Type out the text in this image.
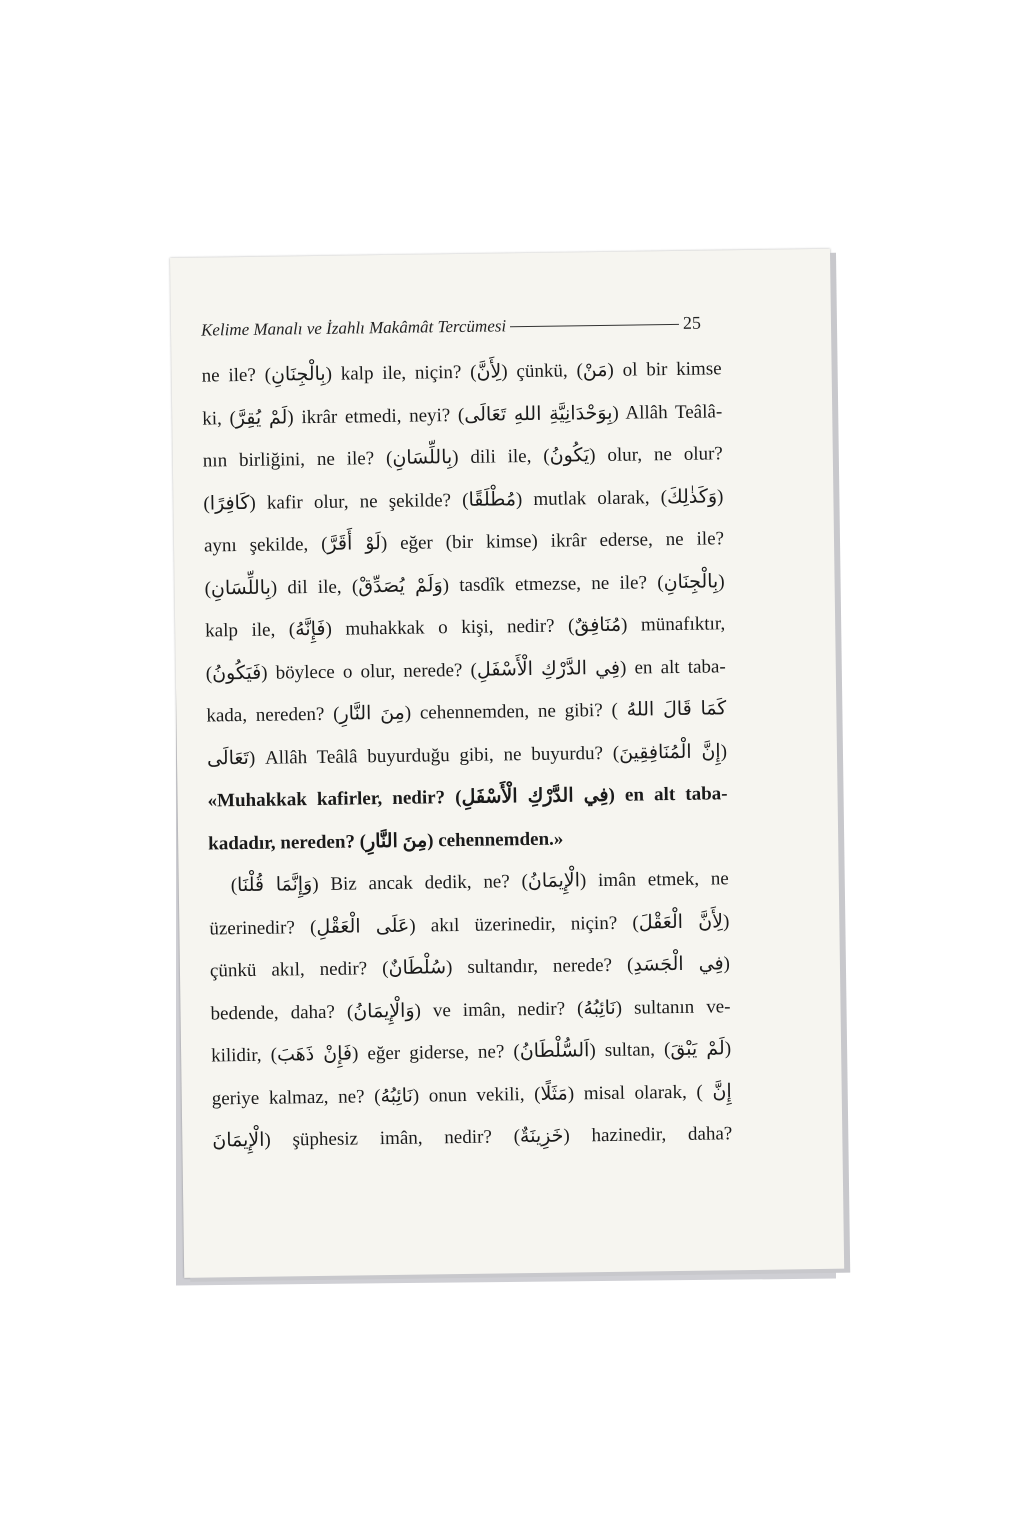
Kelime Manalı ve İzahlı Makâmât Tercümesi	25
ne ile? (بِالْجِنَانِ) kalp ile, niçin? (لِأَنَّ) çünkü, (مَنْ) ol bir kimse
ki, (لَمْ يُقِرَّ) ikrâr etmedi, neyi? (بِوَحْدَانِيَّةِ اللهِ تَعَالَى) Allâh Teâlâ-
nın birliğini, ne ile? (بِاللِّسَانِ) dili ile, (يَكُونُ) olur, ne olur?
(كَافِرًا) kafir olur, ne şekilde? (مُطْلَقًا) mutlak olarak, (وَكَذٰلِكَ)
aynı şekilde, (لَوْ أَقَرَّ) eğer (bir kimse) ikrâr ederse, ne ile?
(بِاللِّسَانِ) dil ile, (وَلَمْ يُصَدِّقْ) tasdîk etmezse, ne ile? (بِالْجِنَانِ)
kalp ile, (فَإِنَّهُ) muhakkak o kişi, nedir? (مُنَافِقٌ) münafıktır,
(فَيَكُونُ) böylece o olur, nerede? (فِي الدَّرْكِ الْأَسْفَلِ) en alt taba-
kada, nereden? (مِنَ النَّارِ) cehennemden, ne gibi? ( كَمَا قَالَ اللهُ
تَعَالَى) Allâh Teâlâ buyurduğu gibi, ne buyurdu? (إِنَّ الْمُنَافِقِينَ)
«Muhakkak kafirler, nedir? (فِي الدَّرْكِ الْأَسْفَلِ) en alt taba-
kadadır, nereden? (مِنَ النَّارِ) cehennemden.»
(وَإِنَّمَا قُلْنَا) Biz ancak dedik, ne? (الْإِيمَانُ) imân etmek, ne
üzerinedir? (عَلَى الْعَقْلِ) akıl üzerinedir, niçin? (لِأَنَّ الْعَقْلَ)
çünkü akıl, nedir? (سُلْطَانٌ) sultandır, nerede? (فِي الْجَسَدِ)
bedende, daha? (وَالْإِيمَانُ) ve imân, nedir? (نَائِبُهُ) sultanın ve-
kilidir, (فَإِنْ ذَهَبَ) eğer giderse, ne? (اَلسُّلْطَانُ) sultan, (لَمْ يَبْقَ)
geriye kalmaz, ne? (نَائِبُهُ) onun vekili, (مَثَلًا) misal olarak, ( إِنَّ
الْإِيمَانَ) şüphesiz imân, nedir? (خَزِينَةٌ) hazinedir, daha?
